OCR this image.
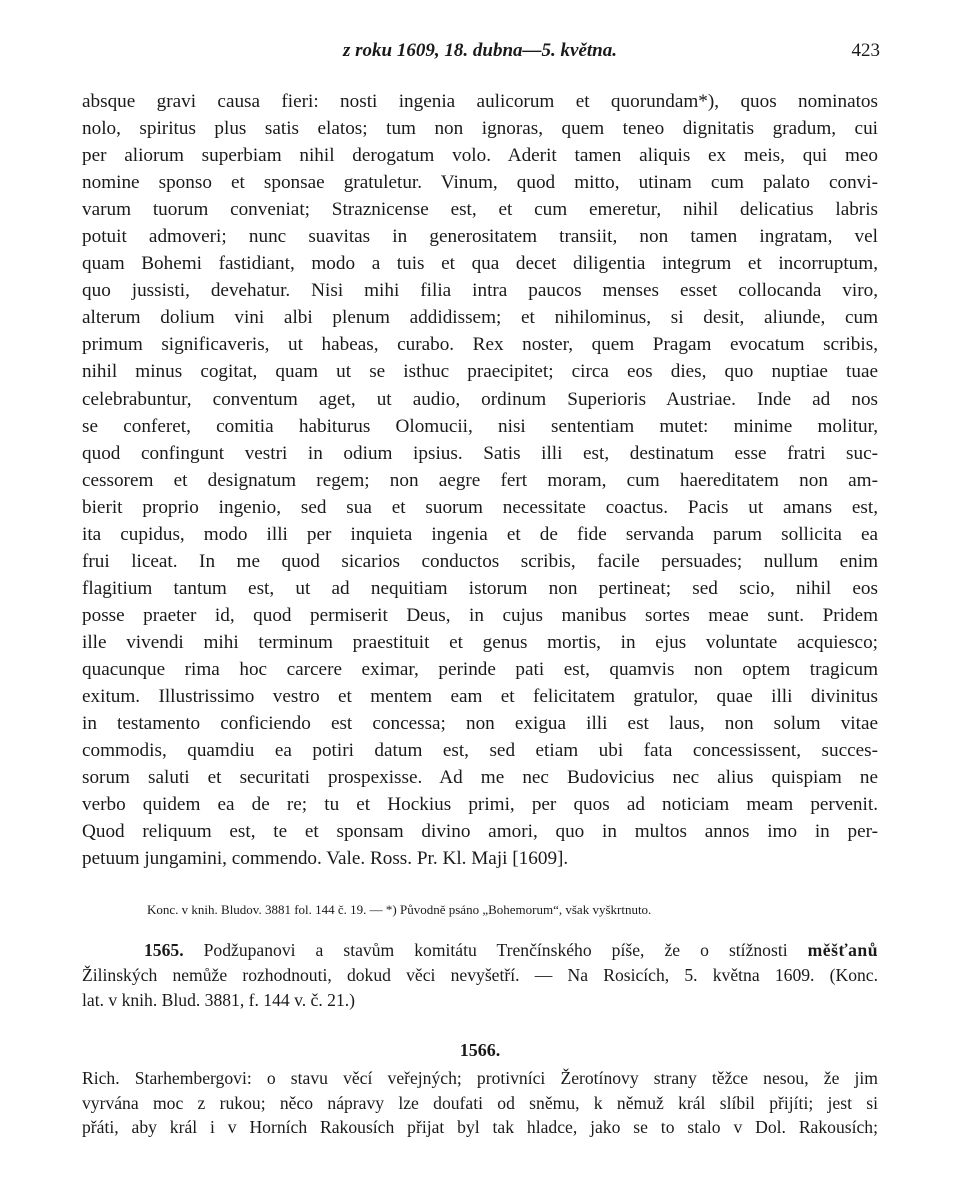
z roku 1609, 18. dubna—5. května.	423
absque gravi causa fieri: nosti ingenia aulicorum et quorundam*), quos nominatos
nolo, spiritus plus satis elatos; tum non ignoras, quem teneo dignitatis gradum, cui
per aliorum superbiam nihil derogatum volo. Aderit tamen aliquis ex meis, qui meo
nomine sponso et sponsae gratuletur. Vinum, quod mitto, utinam cum palato convi-
varum tuorum conveniat; Straznicense est, et cum emeretur, nihil delicatius labris
potuit admoveri; nunc suavitas in generositatem transiit, non tamen ingratam, vel
quam Bohemi fastidiant, modo a tuis et qua decet diligentia integrum et incorruptum,
quo jussisti, devehatur. Nisi mihi filia intra paucos menses esset collocanda viro,
alterum dolium vini albi plenum addidissem; et nihilominus, si desit, aliunde, cum
primum significaveris, ut habeas, curabo. Rex noster, quem Pragam evocatum scribis,
nihil minus cogitat, quam ut se isthuc praecipitet; circa eos dies, quo nuptiae tuae
celebrabuntur, conventum aget, ut audio, ordinum Superioris Austriae. Inde ad nos
se conferet, comitia habiturus Olomucii, nisi sententiam mutet: minime molitur,
quod confingunt vestri in odium ipsius. Satis illi est, destinatum esse fratri suc-
cessorem et designatum regem; non aegre fert moram, cum haereditatem non am-
bierit proprio ingenio, sed sua et suorum necessitate coactus. Pacis ut amans est,
ita cupidus, modo illi per inquieta ingenia et de fide servanda parum sollicita ea
frui liceat. In me quod sicarios conductos scribis, facile persuades; nullum enim
flagitium tantum est, ut ad nequitiam istorum non pertineat; sed scio, nihil eos
posse praeter id, quod permiserit Deus, in cujus manibus sortes meae sunt. Pridem
ille vivendi mihi terminum praestituit et genus mortis, in ejus voluntate acquiesco;
quacunque rima hoc carcere eximar, perinde pati est, quamvis non optem tragicum
exitum. Illustrissimo vestro et mentem eam et felicitatem gratulor, quae illi divinitus
in testamento conficiendo est concessa; non exigua illi est laus, non solum vitae
commodis, quamdiu ea potiri datum est, sed etiam ubi fata concessissent, succes-
sorum saluti et securitati prospexisse. Ad me nec Budovicius nec alius quispiam ne
verbo quidem ea de re; tu et Hockius primi, per quos ad noticiam meam pervenit.
Quod reliquum est, te et sponsam divino amori, quo in multos annos imo in per-
petuum jungamini, commendo. Vale. Ross. Pr. Kl. Maji [1609].
Konc. v knih. Bludov. 3881 fol. 144 č. 19. — *) Původně psáno „Bohemorum“, však vyškrtnuto.
1565. Podžupanovi a stavům komitátu Trenčínského píše, že o stížnosti měšťanů
Žilinských nemůže rozhodnouti, dokud věci nevyšetří. — Na Rosicích, 5. května 1609. (Konc.
lat. v knih. Blud. 3881, f. 144 v. č. 21.)
1566.
Rich. Starhembergovi: o stavu věcí veřejných; protivníci Žerotínovy strany těžce nesou, že jim
vyrvána moc z rukou; něco nápravy lze doufati od sněmu, k němuž král slíbil přijíti; jest si
přáti, aby král i v Horních Rakousích přijat byl tak hladce, jako se to stalo v Dol. Rakousích;
